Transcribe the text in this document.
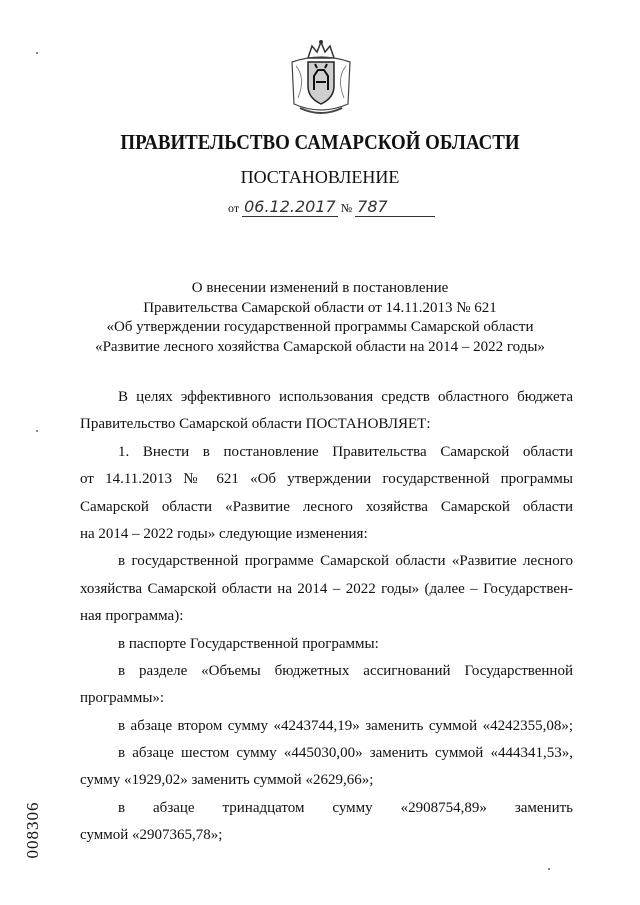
ПРАВИТЕЛЬСТВО САМАРСКОЙ ОБЛАСТИ
ПОСТАНОВЛЕНИЕ
от 06.12.2017 № 787
О внесении изменений в постановление
Правительства Самарской области от 14.11.2013 № 621
«Об утверждении государственной программы Самарской области
«Развитие лесного хозяйства Самарской области на 2014 – 2022 годы»
В целях эффективного использования средств областного бюджета
Правительство Самарской области ПОСТАНОВЛЯЕТ:
1. Внести в постановление Правительства Самарской области
от 14.11.2013 № 621 «Об утверждении государственной программы
Самарской области «Развитие лесного хозяйства Самарской области
на 2014 – 2022 годы» следующие изменения:
в государственной программе Самарской области «Развитие лесного
хозяйства Самарской области на 2014 – 2022 годы» (далее – Государствен-
ная программа):
в паспорте Государственной программы:
в разделе «Объемы бюджетных ассигнований Государственной
программы»:
в абзаце втором сумму «4243744,19» заменить суммой «4242355,08»;
в абзаце шестом сумму «445030,00» заменить суммой «444341,53»,
сумму «1929,02» заменить суммой «2629,66»;
в абзаце тринадцатом сумму «2908754,89» заменить
суммой «2907365,78»;
008306
